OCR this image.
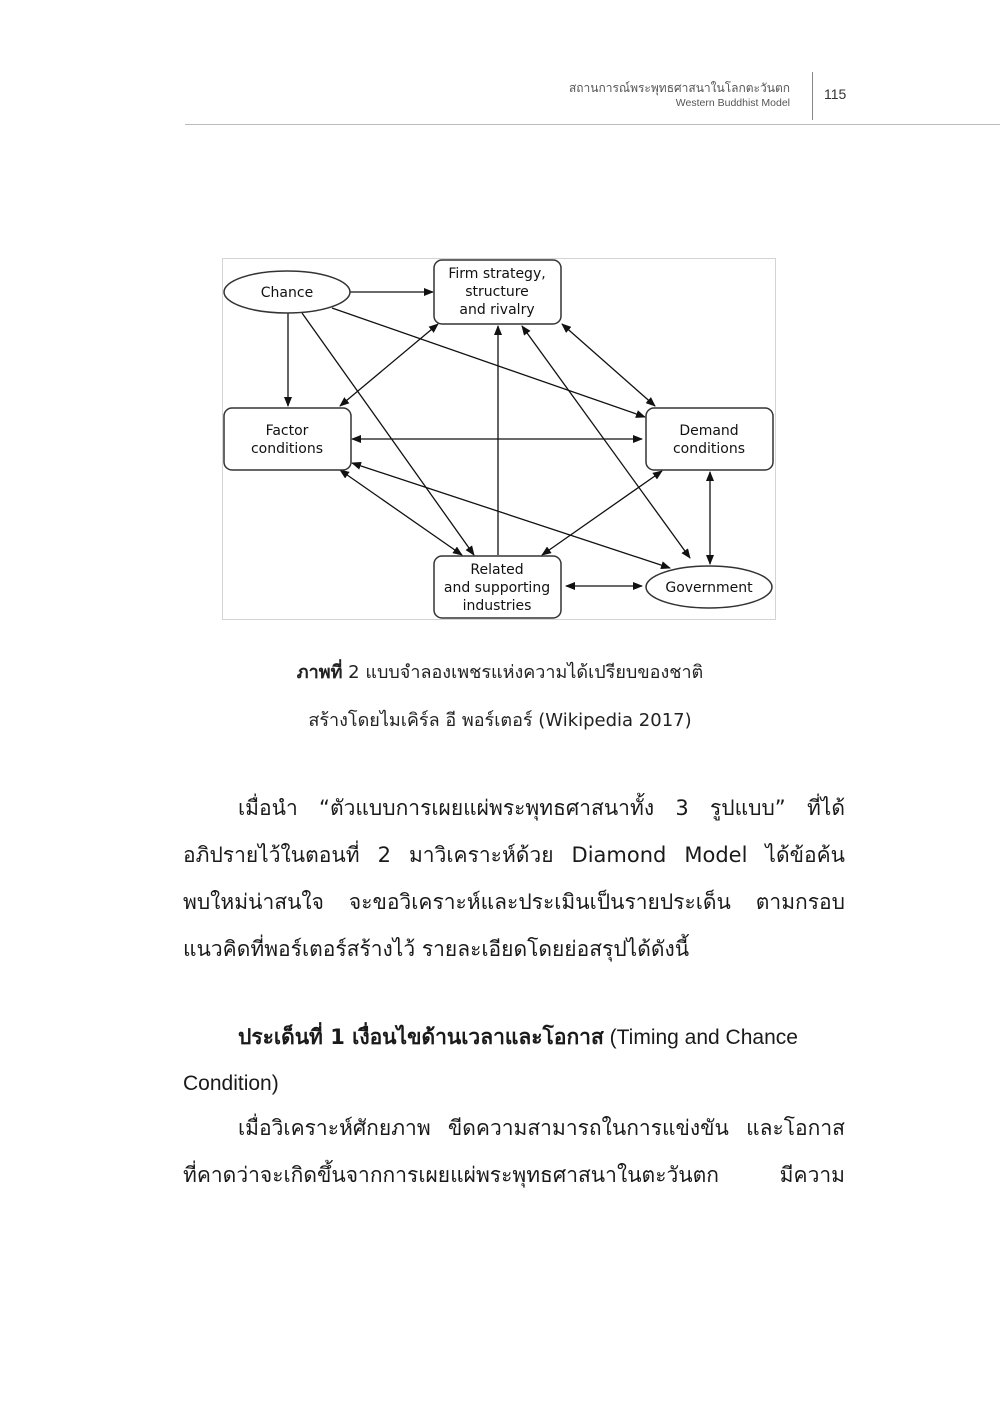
สถานการณ์พระพุทธศาสนาในโลกตะวันตก
Western Buddhist Model
115
Chance
Firm strategy,
structure
and rivalry
Factor
conditions
Demand
conditions
Related
and supporting
industries
Government
ภาพที่ 2 แบบจำลองเพชรแห่งความได้เปรียบของชาติ
สร้างโดยไมเคิร์ล อี พอร์เตอร์ (Wikipedia 2017)
เมื่อนำ “ตัวแบบการเผยแผ่พระพุทธศาสนาทั้ง 3 รูปแบบ” ที่ได้
อภิปรายไว้ในตอนที่ 2 มาวิเคราะห์ด้วย Diamond Model ได้ข้อค้น
พบใหม่น่าสนใจ จะขอวิเคราะห์และประเมินเป็นรายประเด็น ตามกรอบ
แนวคิดที่พอร์เตอร์สร้างไว้ รายละเอียดโดยย่อสรุปได้ดังนี้
ประเด็นที่ 1 เงื่อนไขด้านเวลาและโอกาส (Timing and Chance
Condition)
เมื่อวิเคราะห์ศักยภาพ ขีดความสามารถในการแข่งขัน และโอกาส
ที่คาดว่าจะเกิดขึ้นจากการเผยแผ่พระพุทธศาสนาในตะวันตก มีความ
